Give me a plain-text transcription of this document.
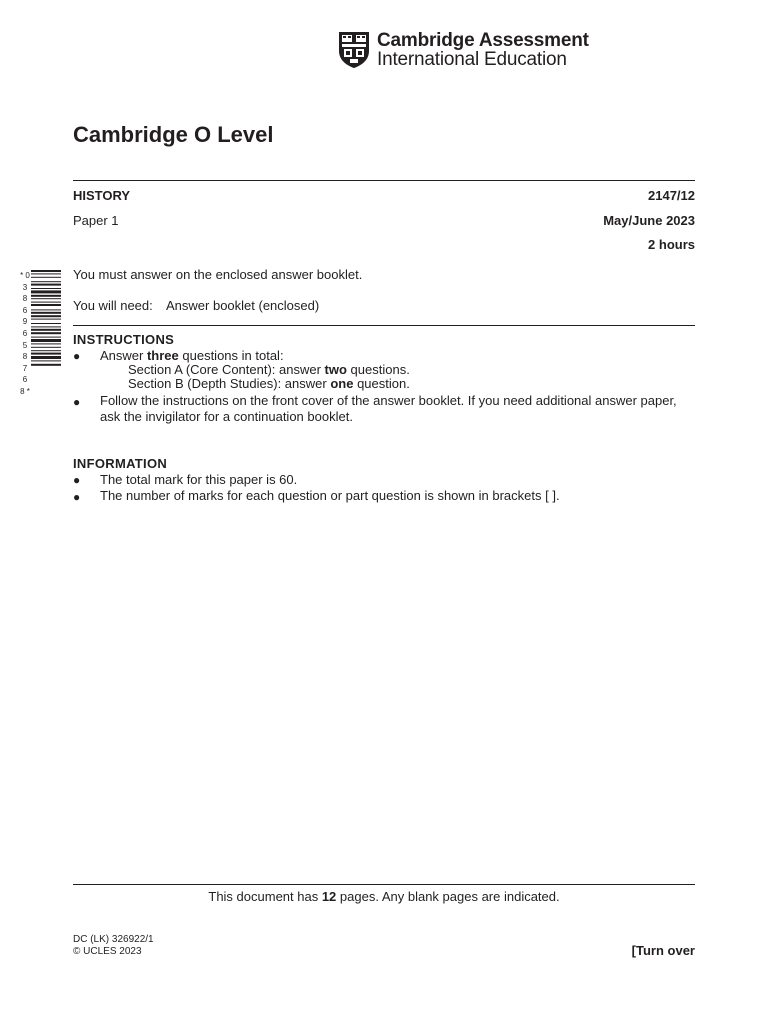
Cambridge Assessment
International Education
Cambridge O Level
HISTORY	2147/12
Paper 1	May/June 2023
2 hours
* 0 3 8 6 9 6 5 8 7 6 8 *
You must answer on the enclosed answer booklet.
You will need: Answer booklet (enclosed)
INSTRUCTIONS
● Answer three questions in total:
Section A (Core Content): answer two questions.
Section B (Depth Studies): answer one question.
● Follow the instructions on the front cover of the answer booklet. If you need additional answer paper,
ask the invigilator for a continuation booklet.
INFORMATION
● The total mark for this paper is 60.
● The number of marks for each question or part question is shown in brackets [ ].
This document has 12 pages. Any blank pages are indicated.
DC (LK) 326922/1
© UCLES 2023	[Turn over
